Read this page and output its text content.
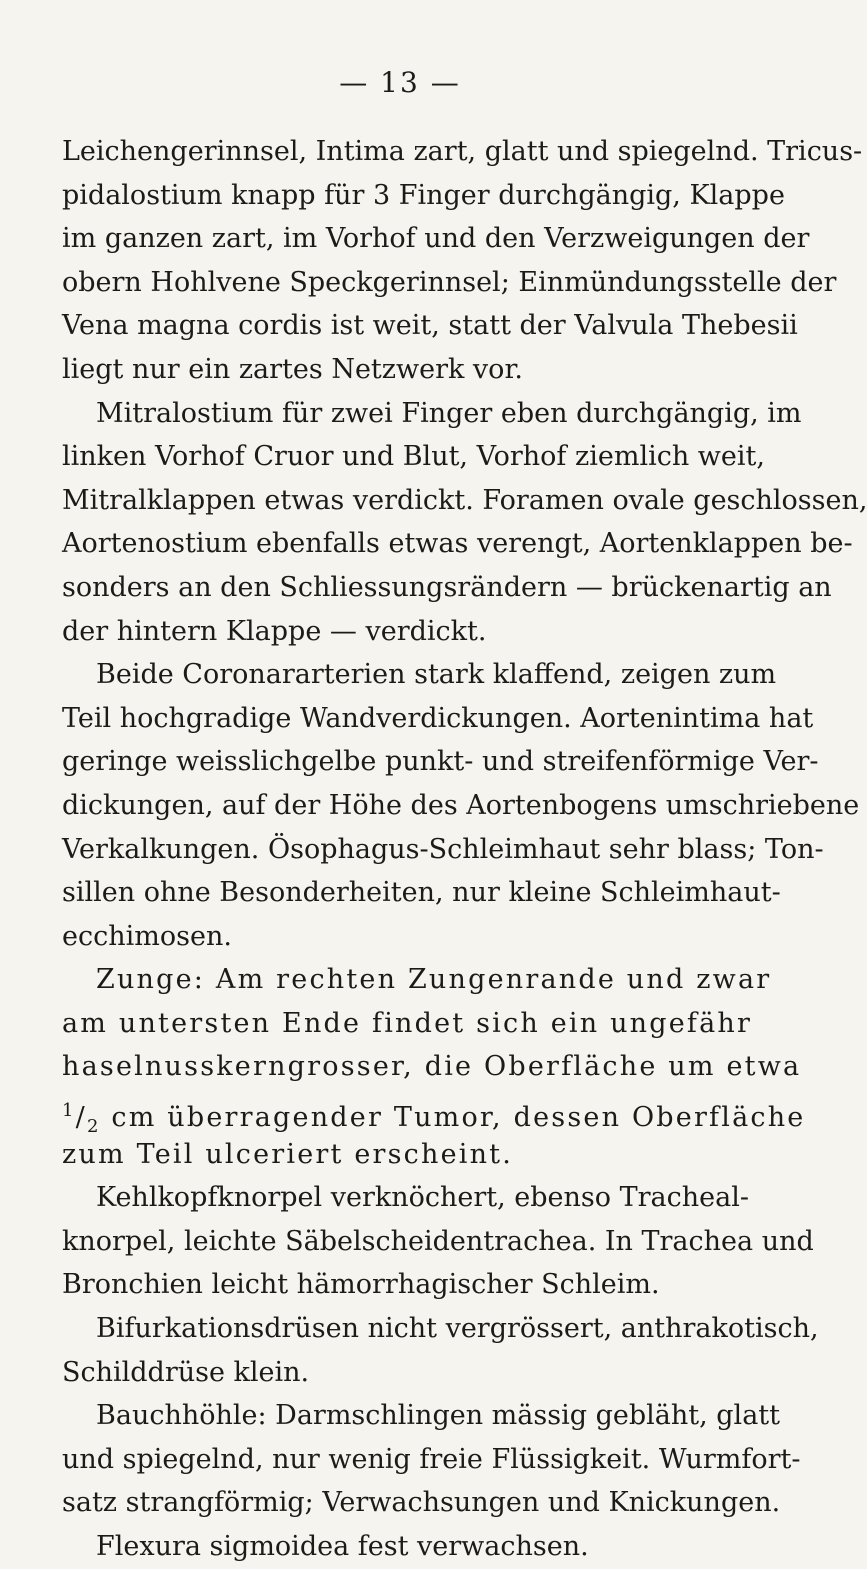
— 13 —
Leichengerinnsel, Intima zart, glatt und spiegelnd. Tricus-
pidalostium knapp für 3 Finger durchgängig, Klappe
im ganzen zart, im Vorhof und den Verzweigungen der
obern Hohlvene Speckgerinnsel; Einmündungsstelle der
Vena magna cordis ist weit, statt der Valvula Thebesii
liegt nur ein zartes Netzwerk vor.
Mitralostium für zwei Finger eben durchgängig, im
linken Vorhof Cruor und Blut, Vorhof ziemlich weit,
Mitralklappen etwas verdickt. Foramen ovale geschlossen,
Aortenostium ebenfalls etwas verengt, Aortenklappen be-
sonders an den Schliessungsrändern — brückenartig an
der hintern Klappe — verdickt.
Beide Coronararterien stark klaffend, zeigen zum
Teil hochgradige Wandverdickungen. Aortenintima hat
geringe weisslichgelbe punkt- und streifenförmige Ver-
dickungen, auf der Höhe des Aortenbogens umschriebene
Verkalkungen. Ösophagus-Schleimhaut sehr blass; Ton-
sillen ohne Besonderheiten, nur kleine Schleimhaut-
ecchimosen.
Zunge: Am rechten Zungenrande und zwar
am untersten Ende findet sich ein ungefähr
haselnusskerngrosser, die Oberfläche um etwa
$^1/_2$ cm überragender Tumor, dessen Oberfläche
zum Teil ulceriert erscheint.
Kehlkopfknorpel verknöchert, ebenso Tracheal-
knorpel, leichte Säbelscheidentrachea. In Trachea und
Bronchien leicht hämorrhagischer Schleim.
Bifurkationsdrüsen nicht vergrössert, anthrakotisch,
Schilddrüse klein.
Bauchhöhle: Darmschlingen mässig gebläht, glatt
und spiegelnd, nur wenig freie Flüssigkeit. Wurmfort-
satz strangförmig; Verwachsungen und Knickungen.
Flexura sigmoidea fest verwachsen.
